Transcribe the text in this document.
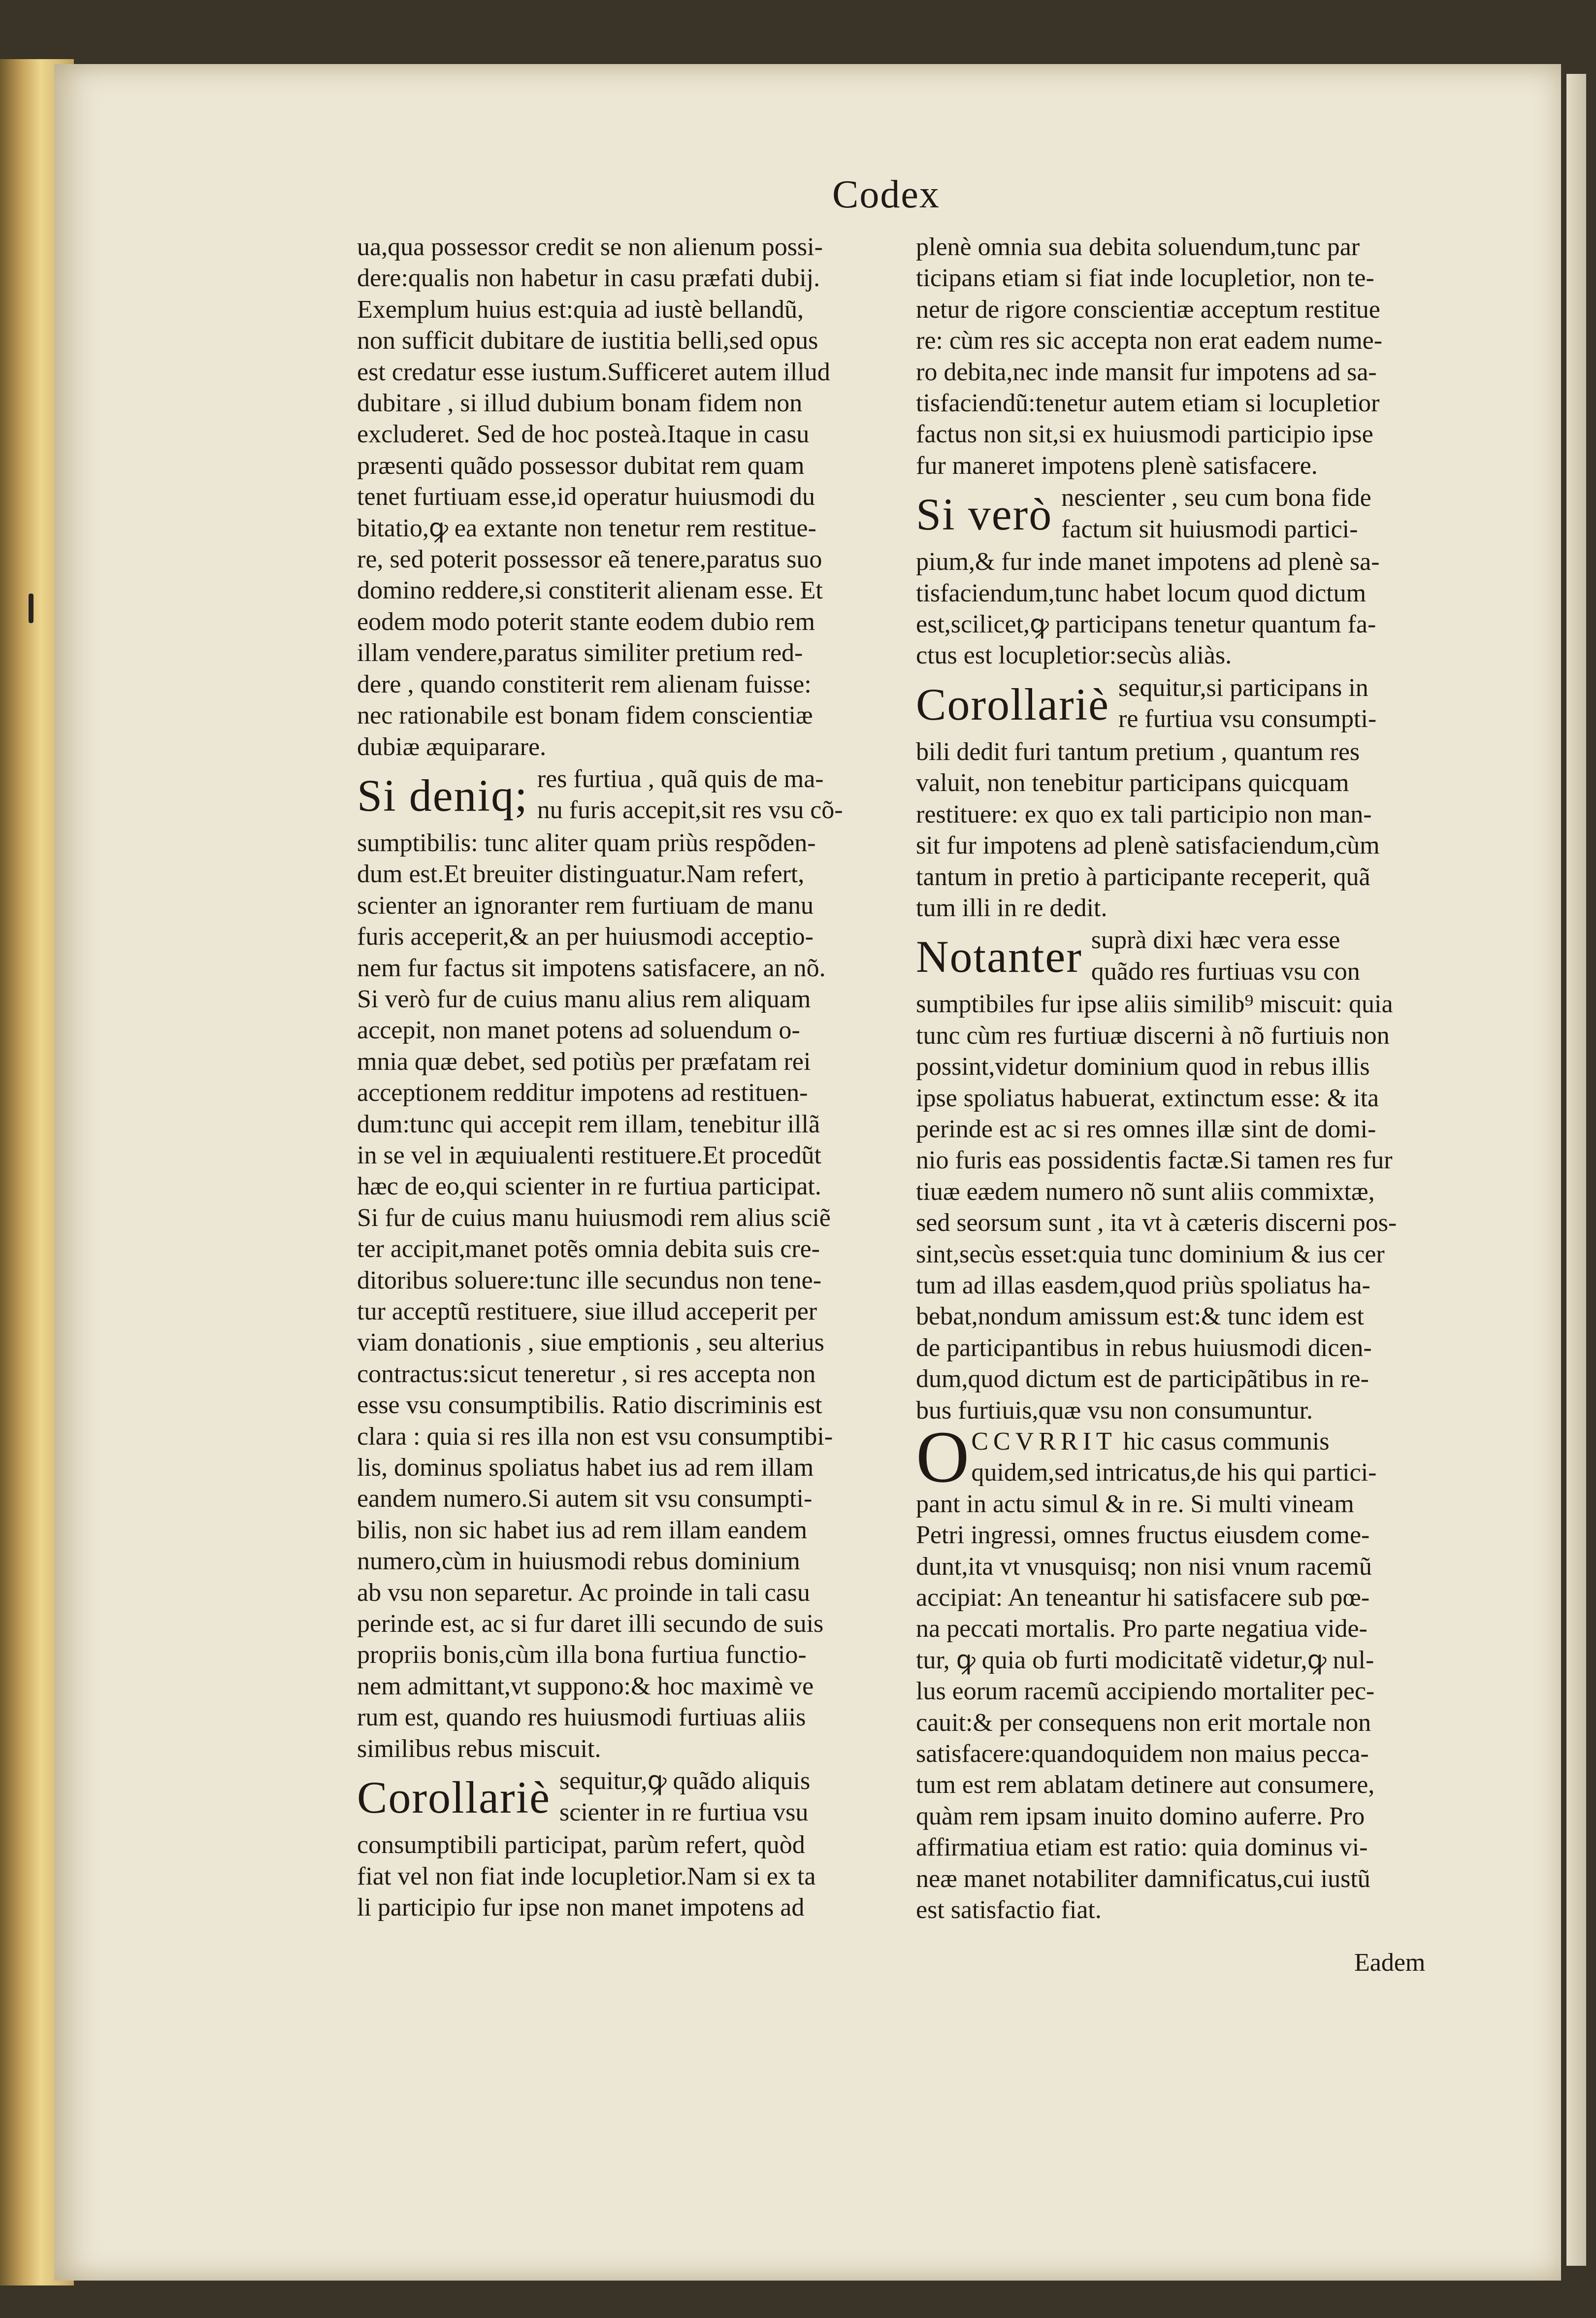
Codex

ua,qua possessor credit se non alienum possi-
dere:qualis non habetur in casu præfati dubij.
Exemplum huius est:quia ad iustè bellandũ,
non sufficit dubitare de iustitia belli,sed opus
est credatur esse iustum.Sufficeret autem illud
dubitare , si illud dubium bonam fidem non
excluderet. Sed de hoc posteà.Itaque in casu
præsenti quãdo possessor dubitat rem quam
tenet furtiuam esse,id operatur huiusmodi du
bitatio,ꝙ ea extante non tenetur rem restitue-
re, sed poterit possessor eã tenere,paratus suo
domino reddere,si constiterit alienam esse. Et
eodem modo poterit stante eodem dubio rem
illam vendere,paratus similiter pretium red-
dere , quando constiterit rem alienam fuisse:
nec rationabile est bonam fidem conscientiæ
dubiæ æquiparare.

Si deniq; res furtiua , quã quis de ma-
nu furis accepit,sit res vsu cõ-

sumptibilis: tunc aliter quam priùs respõden-
dum est.Et breuiter distinguatur.Nam refert,
scienter an ignoranter rem furtiuam de manu
furis acceperit,& an per huiusmodi acceptio-
nem fur factus sit impotens satisfacere, an nõ.
Si verò fur de cuius manu alius rem aliquam
accepit, non manet potens ad soluendum o-
mnia quæ debet, sed potiùs per præfatam rei
acceptionem redditur impotens ad restituen-
dum:tunc qui accepit rem illam, tenebitur illã
in se vel in æquiualenti restituere.Et procedũt
hæc de eo,qui scienter in re furtiua participat.
Si fur de cuius manu huiusmodi rem alius sciẽ
ter accipit,manet potẽs omnia debita suis cre-
ditoribus soluere:tunc ille secundus non tene-
tur acceptũ restituere, siue illud acceperit per
viam donationis , siue emptionis , seu alterius
contractus:sicut teneretur , si res accepta non
esse vsu consumptibilis. Ratio discriminis est
clara : quia si res illa non est vsu consumptibi-
lis, dominus spoliatus habet ius ad rem illam
eandem numero.Si autem sit vsu consumpti-
bilis, non sic habet ius ad rem illam eandem
numero,cùm in huiusmodi rebus dominium
ab vsu non separetur. Ac proinde in tali casu
perinde est, ac si fur daret illi secundo de suis
propriis bonis,cùm illa bona furtiua functio-
nem admittant,vt suppono:& hoc maximè ve
rum est, quando res huiusmodi furtiuas aliis
similibus rebus miscuit.

Corollariè sequitur,ꝙ quãdo aliquis
scienter in re furtiua vsu

consumptibili participat, parùm refert, quòd
fiat vel non fiat inde locupletior.Nam si ex ta
li participio fur ipse non manet impotens ad

plenè omnia sua debita soluendum,tunc par
ticipans etiam si fiat inde locupletior, non te-
netur de rigore conscientiæ acceptum restitue
re: cùm res sic accepta non erat eadem nume-
ro debita,nec inde mansit fur impotens ad sa-
tisfaciendũ:tenetur autem etiam si locupletior
factus non sit,si ex huiusmodi participio ipse
fur maneret impotens plenè satisfacere.

Si verò nescienter , seu cum bona fide
factum sit huiusmodi partici-

pium,& fur inde manet impotens ad plenè sa-
tisfaciendum,tunc habet locum quod dictum
est,scilicet,ꝙ participans tenetur quantum fa-
ctus est locupletior:secùs aliàs.

Corollariè sequitur,si participans in
re furtiua vsu consumpti-

bili dedit furi tantum pretium , quantum res
valuit, non tenebitur participans quicquam
restituere: ex quo ex tali participio non man-
sit fur impotens ad plenè satisfaciendum,cùm
tantum in pretio à participante receperit, quã
tum illi in re dedit.

Notanter suprà dixi hæc vera esse
quãdo res furtiuas vsu con

sumptibiles fur ipse aliis similib⁹ miscuit: quia
tunc cùm res furtiuæ discerni à nõ furtiuis non
possint,videtur dominium quod in rebus illis
ipse spoliatus habuerat, extinctum esse: & ita
perinde est ac si res omnes illæ sint de domi-
nio furis eas possidentis factæ.Si tamen res fur
tiuæ eædem numero nõ sunt aliis commixtæ,
sed seorsum sunt , ita vt à cæteris discerni pos-
sint,secùs esset:quia tunc dominium & ius cer
tum ad illas easdem,quod priùs spoliatus ha-
bebat,nondum amissum est:& tunc idem est
de participantibus in rebus huiusmodi dicen-
dum,quod dictum est de participãtibus in re-
bus furtiuis,quæ vsu non consumuntur.

O CCVRRIT hic casus communis
quidem,sed intricatus,de his qui partici-

pant in actu simul & in re. Si multi vineam
Petri ingressi, omnes fructus eiusdem come-
dunt,ita vt vnusquisq; non nisi vnum racemũ
accipiat: An teneantur hi satisfacere sub pœ-
na peccati mortalis. Pro parte negatiua vide-
tur, ꝙ quia ob furti modicitatẽ videtur,ꝙ nul-
lus eorum racemũ accipiendo mortaliter pec-
cauit:& per consequens non erit mortale non
satisfacere:quandoquidem non maius pecca-
tum est rem ablatam detinere aut consumere,
quàm rem ipsam inuito domino auferre. Pro
affirmatiua etiam est ratio: quia dominus vi-
neæ manet notabiliter damnificatus,cui iustũ
est satisfactio fiat.

Eadem
